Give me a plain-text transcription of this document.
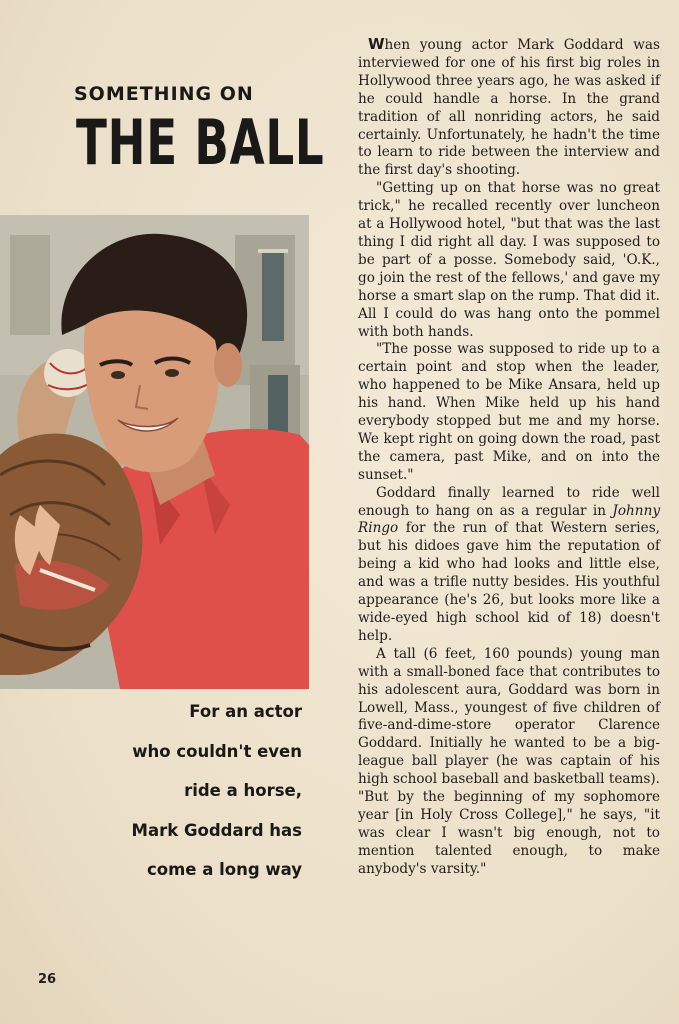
SOMETHING ON
THE BALL
For an actor
who couldn't even
ride a horse,
Mark Goddard has
come a long way

When young actor Mark Goddard was interviewed for one of his first big roles in Hollywood three years ago, he was asked if he could handle a horse. In the grand tradition of all nonriding actors, he said certainly. Unfortunately, he hadn't the time to learn to ride between the interview and the first day's shooting.

"Getting up on that horse was no great trick," he recalled recently over luncheon at a Hollywood hotel, "but that was the last thing I did right all day. I was supposed to be part of a posse. Somebody said, 'O.K., go join the rest of the fellows,' and gave my horse a smart slap on the rump. That did it. All I could do was hang onto the pommel with both hands.

"The posse was supposed to ride up to a certain point and stop when the leader, who happened to be Mike Ansara, held up his hand. When Mike held up his hand everybody stopped but me and my horse. We kept right on going down the road, past the camera, past Mike, and on into the sunset."

Goddard finally learned to ride well enough to hang on as a regular in Johnny Ringo for the run of that Western series, but his didoes gave him the reputation of being a kid who had looks and little else, and was a trifle nutty besides. His youthful appearance (he's 26, but looks more like a wide-eyed high school kid of 18) doesn't help.

A tall (6 feet, 160 pounds) young man with a small-boned face that contributes to his adolescent aura, Goddard was born in Lowell, Mass., youngest of five children of five-and-dime-store operator Clarence Goddard. Initially he wanted to be a big-league ball player (he was captain of his high school baseball and basketball teams). "But by the beginning of my sophomore year [in Holy Cross College]," he says, "it was clear I wasn't big enough, not to mention talented enough, to make anybody's varsity."

26
